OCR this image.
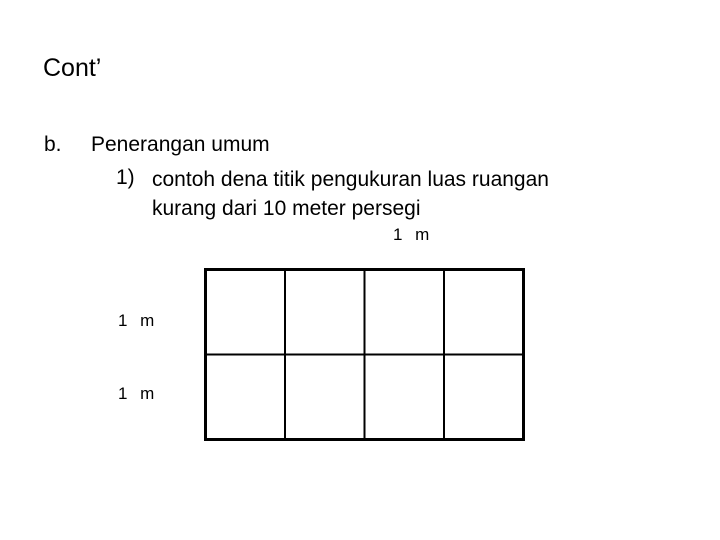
Cont’
b. Penerangan umum
1) contoh dena titik pengukuran luas ruangan
kurang dari 10 meter persegi
1 m
1 m
1 m
